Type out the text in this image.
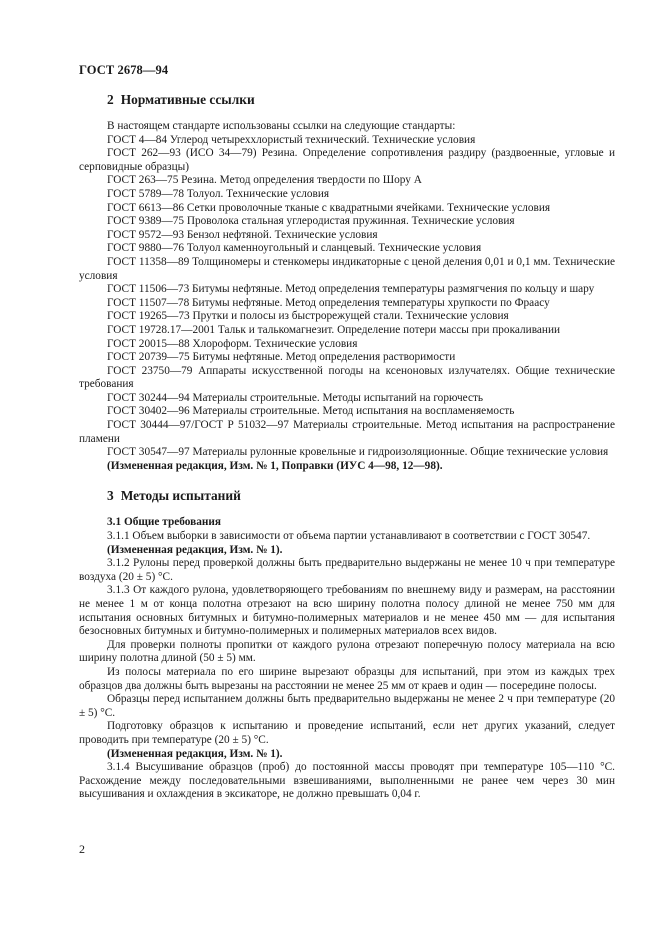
ГОСТ 2678—94
2 Нормативные ссылки

В настоящем стандарте использованы ссылки на следующие стандарты:

ГОСТ 4—84 Углерод четыреххлористый технический. Технические условия

ГОСТ 262—93 (ИСО 34—79) Резина. Определение сопротивления раздиру (раздвоенные, угловые и серповидные образцы)

ГОСТ 263—75 Резина. Метод определения твердости по Шору А

ГОСТ 5789—78 Толуол. Технические условия

ГОСТ 6613—86 Сетки проволочные тканые с квадратными ячейками. Технические условия

ГОСТ 9389—75 Проволока стальная углеродистая пружинная. Технические условия

ГОСТ 9572—93 Бензол нефтяной. Технические условия

ГОСТ 9880—76 Толуол каменноугольный и сланцевый. Технические условия

ГОСТ 11358—89 Толщиномеры и стенкомеры индикаторные с ценой деления 0,01 и 0,1 мм. Технические условия

ГОСТ 11506—73 Битумы нефтяные. Метод определения температуры размягчения по кольцу и шару

ГОСТ 11507—78 Битумы нефтяные. Метод определения температуры хрупкости по Фраасу

ГОСТ 19265—73 Прутки и полосы из быстрорежущей стали. Технические условия

ГОСТ 19728.17—2001 Тальк и талькомагнезит. Определение потери массы при прокаливании

ГОСТ 20015—88 Хлороформ. Технические условия

ГОСТ 20739—75 Битумы нефтяные. Метод определения растворимости

ГОСТ 23750—79 Аппараты искусственной погоды на ксеноновых излучателях. Общие технические требования

ГОСТ 30244—94 Материалы строительные. Методы испытаний на горючесть

ГОСТ 30402—96 Материалы строительные. Метод испытания на воспламеняемость

ГОСТ 30444—97/ГОСТ Р 51032—97 Материалы строительные. Метод испытания на распространение пламени

ГОСТ 30547—97 Материалы рулонные кровельные и гидроизоляционные. Общие технические условия

(Измененная редакция, Изм. № 1, Поправки (ИУС 4—98, 12—98).

3 Методы испытаний

3.1 Общие требования

3.1.1 Объем выборки в зависимости от объема партии устанавливают в соответствии с ГОСТ 30547.

(Измененная редакция, Изм. № 1).

3.1.2 Рулоны перед проверкой должны быть предварительно выдержаны не менее 10 ч при температуре воздуха (20 ± 5) °С.

3.1.3 От каждого рулона, удовлетворяющего требованиям по внешнему виду и размерам, на расстоянии не менее 1 м от конца полотна отрезают на всю ширину полотна полосу длиной не менее 750 мм для испытания основных битумных и битумно-полимерных материалов и не менее 450 мм — для испытания безосновных битумных и битумно-полимерных и полимерных материалов всех видов.

Для проверки полноты пропитки от каждого рулона отрезают поперечную полосу материала на всю ширину полотна длиной (50 ± 5) мм.

Из полосы материала по его ширине вырезают образцы для испытаний, при этом из каждых трех образцов два должны быть вырезаны на расстоянии не менее 25 мм от краев и один — посередине полосы.

Образцы перед испытанием должны быть предварительно выдержаны не менее 2 ч при температуре (20 ± 5) °С.

Подготовку образцов к испытанию и проведение испытаний, если нет других указаний, следует проводить при температуре (20 ± 5) °С.

(Измененная редакция, Изм. № 1).

3.1.4 Высушивание образцов (проб) до постоянной массы проводят при температуре 105—110 °С. Расхождение между последовательными взвешиваниями, выполненными не ранее чем через 30 мин высушивания и охлаждения в эксикаторе, не должно превышать 0,04 г.

2
